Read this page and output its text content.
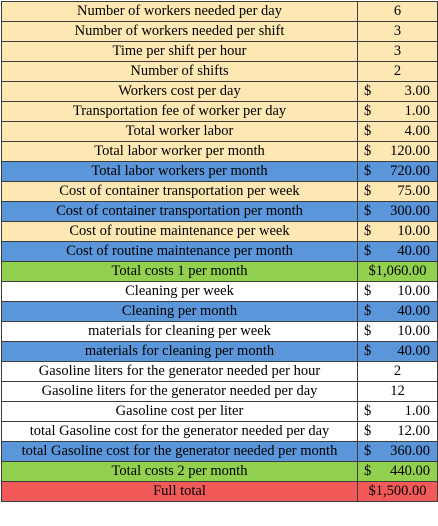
Number of workers needed per day	6
Number of workers needed per shift	3
Time per shift per hour	3
Number of shifts	2
Workers cost per day	$ 3.00
Transportation fee of worker per day	$ 1.00
Total worker labor	$ 4.00
Total labor worker per month	$ 120.00
Total labor workers per month	$ 720.00
Cost of container transportation per week	$ 75.00
Cost of container transportation per month	$ 300.00
Cost of routine maintenance per week	$ 10.00
Cost of routine maintenance per month	$ 40.00
Total costs 1 per month	$1,060.00
Cleaning per week	$ 10.00
Cleaning per month	$ 40.00
materials for cleaning per week	$ 10.00
materials for cleaning per month	$ 40.00
Gasoline liters for the generator needed per hour	2
Gasoline liters for the generator needed per day	12
Gasoline cost per liter	$ 1.00
total Gasoline cost for the generator needed per day	$ 12.00
total Gasoline cost for the generator needed per month	$ 360.00
Total costs 2 per month	$ 440.00
Full total	$1,500.00
